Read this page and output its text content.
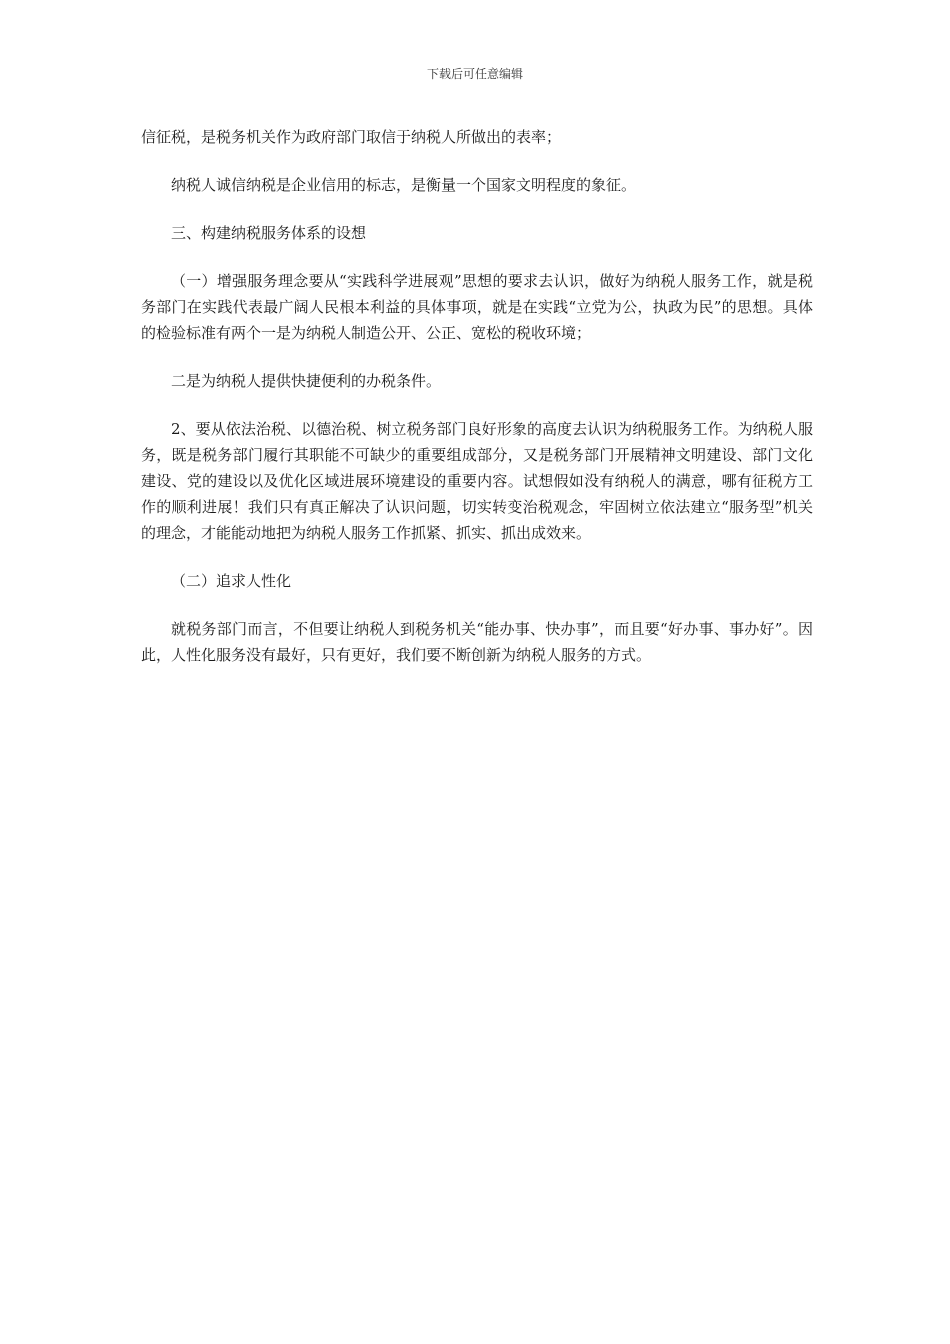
下载后可任意编辑

信征税，是税务机关作为政府部门取信于纳税人所做出的表率；

纳税人诚信纳税是企业信用的标志，是衡量一个国家文明程度的象征。

三、构建纳税服务体系的设想

（一）增强服务理念要从“实践科学进展观”思想的要求去认识，做好为纳税人服务工作，就是税务部门在实践代表最广阔人民根本利益的具体事项，就是在实践“立党为公，执政为民”的思想。具体的检验标准有两个一是为纳税人制造公开、公正、宽松的税收环境；

二是为纳税人提供快捷便利的办税条件。

2、要从依法治税、以德治税、树立税务部门良好形象的高度去认识为纳税服务工作。为纳税人服务，既是税务部门履行其职能不可缺少的重要组成部分，又是税务部门开展精神文明建设、部门文化建设、党的建设以及优化区域进展环境建设的重要内容。试想假如没有纳税人的满意，哪有征税方工作的顺利进展！我们只有真正解决了认识问题，切实转变治税观念，牢固树立依法建立“服务型”机关的理念，才能能动地把为纳税人服务工作抓紧、抓实、抓出成效来。

（二）追求人性化

就税务部门而言，不但要让纳税人到税务机关“能办事、快办事”，而且要“好办事、事办好”。因此，人性化服务没有最好，只有更好，我们要不断创新为纳税人服务的方式。
